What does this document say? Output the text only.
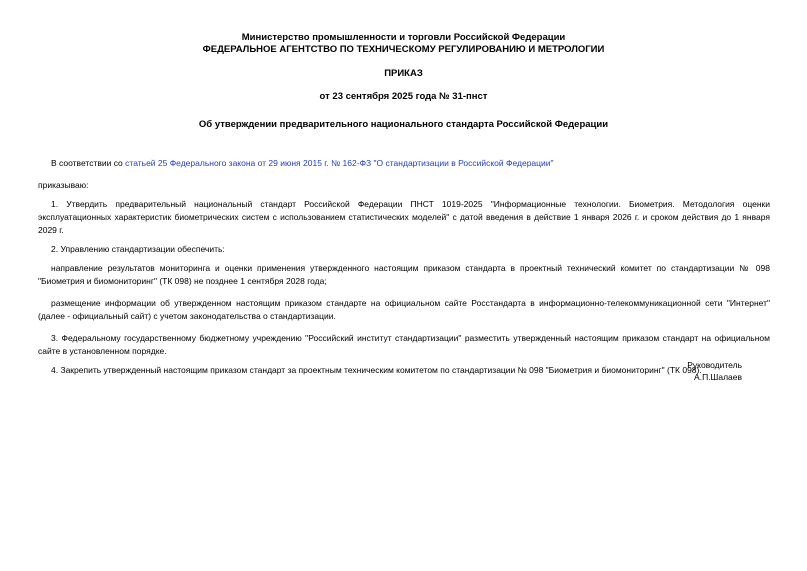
Министерство промышленности и торговли Российской Федерации
ФЕДЕРАЛЬНОЕ АГЕНТСТВО ПО ТЕХНИЧЕСКОМУ РЕГУЛИРОВАНИЮ И МЕТРОЛОГИИ
ПРИКАЗ
от 23 сентября 2025 года № 31-пнст
Об утверждении предварительного национального стандарта Российской Федерации

В соответствии со статьей 25 Федерального закона от 29 июня 2015 г. № 162-ФЗ "О стандартизации в Российской Федерации"

приказываю:

1. Утвердить предварительный национальный стандарт Российской Федерации ПНСТ 1019-2025 "Информационные технологии. Биометрия. Методология оценки эксплуатационных характеристик биометрических систем с использованием статистических моделей" с датой введения в действие 1 января 2026 г. и сроком действия до 1 января 2029 г.

2. Управлению стандартизации обеспечить:

направление результатов мониторинга и оценки применения утвержденного настоящим приказом стандарта в проектный технический комитет по стандартизации № 098 "Биометрия и биомониторинг" (ТК 098) не позднее 1 сентября 2028 года;

размещение информации об утвержденном настоящим приказом стандарте на официальном сайте Росстандарта в информационно-телекоммуникационной сети "Интернет" (далее - официальный сайт) с учетом законодательства о стандартизации.

3. Федеральному государственному бюджетному учреждению "Российский институт стандартизации" разместить утвержденный настоящим приказом стандарт на официальном сайте в установленном порядке.

4. Закрепить утвержденный настоящим приказом стандарт за проектным техническим комитетом по стандартизации № 098 "Биометрия и биомониторинг" (ТК 098).

Руководитель
А.П.Шалаев
